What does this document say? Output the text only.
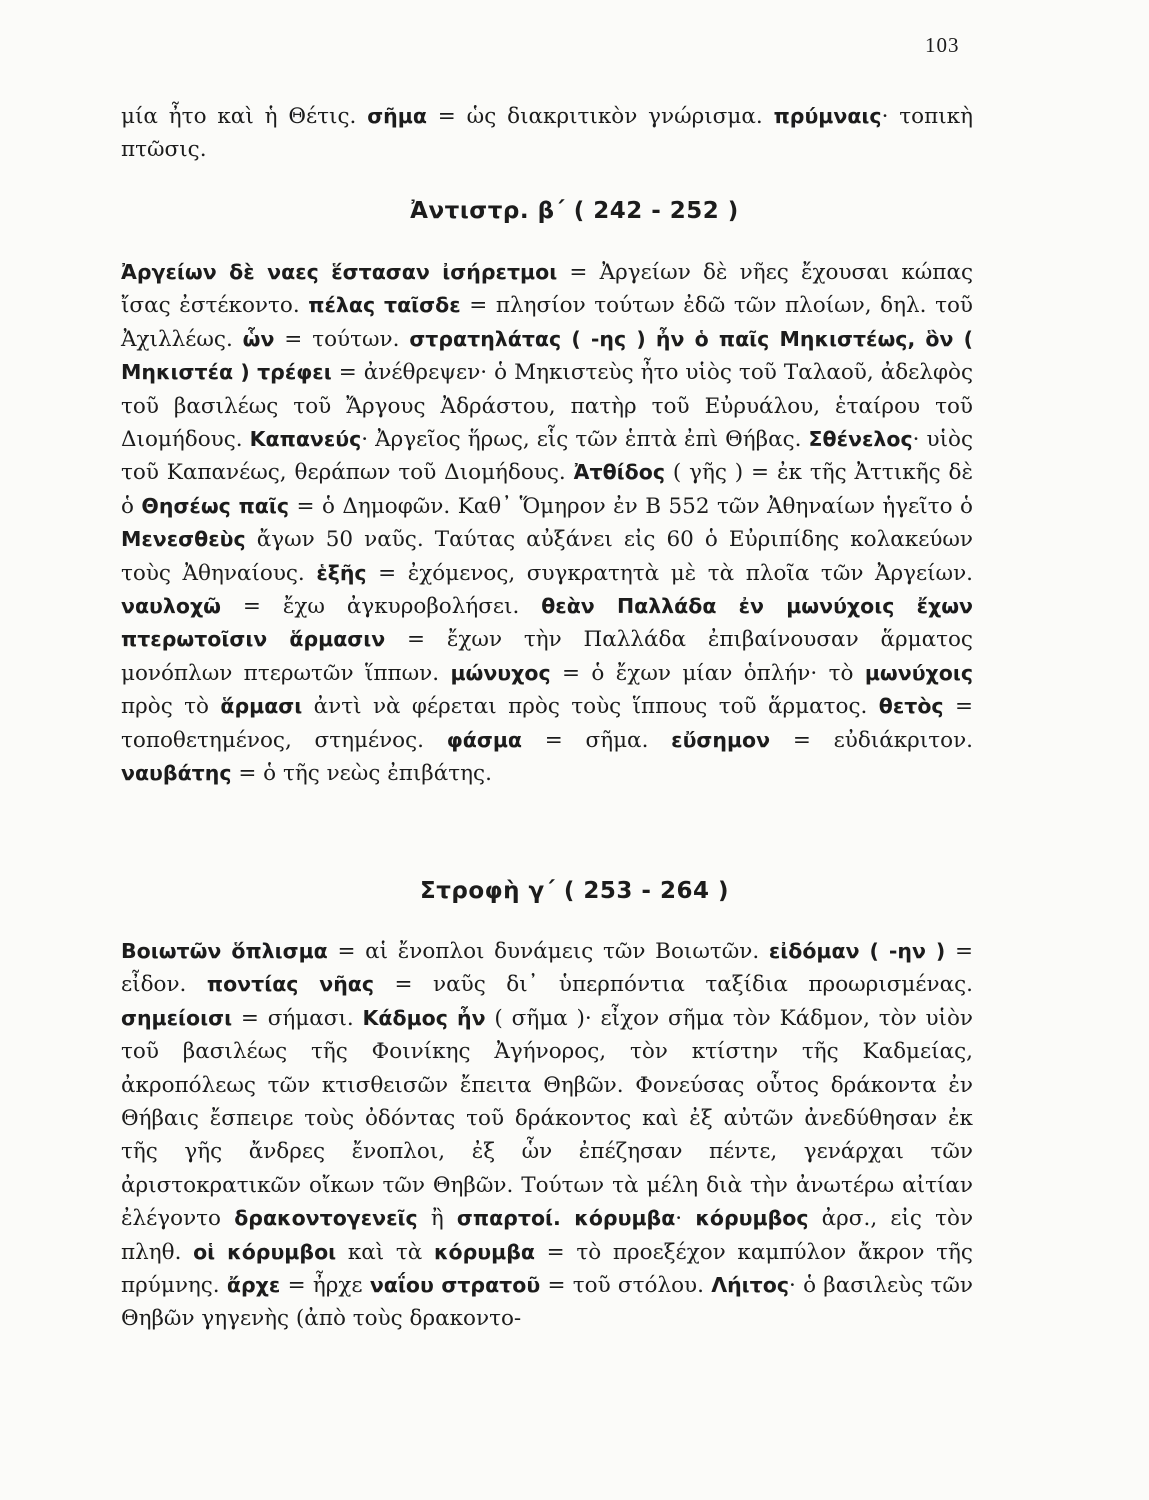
103
μία ἦτο καὶ ἡ Θέτις. σῆμα = ὡς διακριτικὸν γνώρισμα. πρύμναις· τοπικὴ πτῶσις.
Ἀντιστρ. β΄ ( 242 - 252 )
Ἀργείων δὲ ναες ἕστασαν ἰσήρετμοι = Ἀργείων δὲ νῆες ἔχουσαι κώπας ἴσας ἐστέκοντο. πέλας ταῖσδε = πλησίον τούτων ἐδῶ τῶν πλοίων, δηλ. τοῦ Ἀχιλλέως. ὧν = τούτων. στρατηλάτας ( -ης ) ἦν ὁ παῖς Μηκιστέως, ὃν ( Μηκιστέα ) τρέφει = ἀνέθρεψεν· ὁ Μηκιστεὺς ἦτο υἱὸς τοῦ Ταλαοῦ, ἀδελφὸς τοῦ βασιλέως τοῦ Ἄργους Ἀδράστου, πατὴρ τοῦ Εὐρυάλου, ἑταίρου τοῦ Διομήδους. Καπανεύς· Ἀργεῖος ἥρως, εἷς τῶν ἑπτὰ ἐπὶ Θήβας. Σθένελος· υἱὸς τοῦ Καπανέως, θεράπων τοῦ Διομήδους. Ἀτθίδος ( γῆς ) = ἐκ τῆς Ἀττικῆς δὲ ὁ Θησέως παῖς = ὁ Δημοφῶν. Καθ᾽ Ὅμηρον ἐν Β 552 τῶν Ἀθηναίων ἡγεῖτο ὁ Μενεσθεὺς ἄγων 50 ναῦς. Ταύτας αὐξάνει εἰς 60 ὁ Εὐριπίδης κολακεύων τοὺς Ἀθηναίους. ἑξῆς = ἐχόμενος, συγκρατητὰ μὲ τὰ πλοῖα τῶν Ἀργείων. ναυλοχῶ = ἔχω ἀγκυροβολήσει. θεὰν Παλλάδα ἐν μωνύχοις ἔχων πτερωτοῖσιν ἅρμασιν = ἔχων τὴν Παλλάδα ἐπιβαίνουσαν ἅρματος μονόπλων πτερωτῶν ἵππων. μώνυχος = ὁ ἔχων μίαν ὁπλήν· τὸ μωνύχοις πρὸς τὸ ἅρμασι ἀντὶ νὰ φέρεται πρὸς τοὺς ἵππους τοῦ ἅρματος. θετὸς = τοποθετημένος, στημένος. φάσμα = σῆμα. εὔσημον = εὐδιάκριτον. ναυβάτης = ὁ τῆς νεὼς ἐπιβάτης.
Στροφὴ γ΄ ( 253 - 264 )
Βοιωτῶν ὅπλισμα = αἱ ἔνοπλοι δυνάμεις τῶν Βοιωτῶν. εἰδόμαν ( -ην ) = εἶδον. ποντίας νῆας = ναῦς δι᾽ ὑπερπόντια ταξίδια προωρισμένας. σημείοισι = σήμασι. Κάδμος ἦν ( σῆμα )· εἶχον σῆμα τὸν Κάδμον, τὸν υἱὸν τοῦ βασιλέως τῆς Φοινίκης Ἀγήνορος, τὸν κτίστην τῆς Καδμείας, ἀκροπόλεως τῶν κτισθεισῶν ἔπειτα Θηβῶν. Φονεύσας οὗτος δράκοντα ἐν Θήβαις ἔσπειρε τοὺς ὀδόντας τοῦ δράκοντος καὶ ἐξ αὐτῶν ἀνεδύθησαν ἐκ τῆς γῆς ἄνδρες ἔνοπλοι, ἐξ ὧν ἐπέζησαν πέντε, γενάρχαι τῶν ἀριστοκρατικῶν οἴκων τῶν Θηβῶν. Τούτων τὰ μέλη διὰ τὴν ἀνωτέρω αἰτίαν ἐλέγοντο δρακοντογενεῖς ἢ σπαρτοί. κόρυμβα· κόρυμβος ἀρσ., εἰς τὸν πληθ. οἱ κόρυμβοι καὶ τὰ κόρυμβα = τὸ προεξέχον καμπύλον ἄκρον τῆς πρύμνης. ἄρχε = ἦρχε ναΐου στρατοῦ = τοῦ στόλου. Λήιτος· ὁ βασιλεὺς τῶν Θηβῶν γηγενὴς (ἀπὸ τοὺς δρακοντο-
